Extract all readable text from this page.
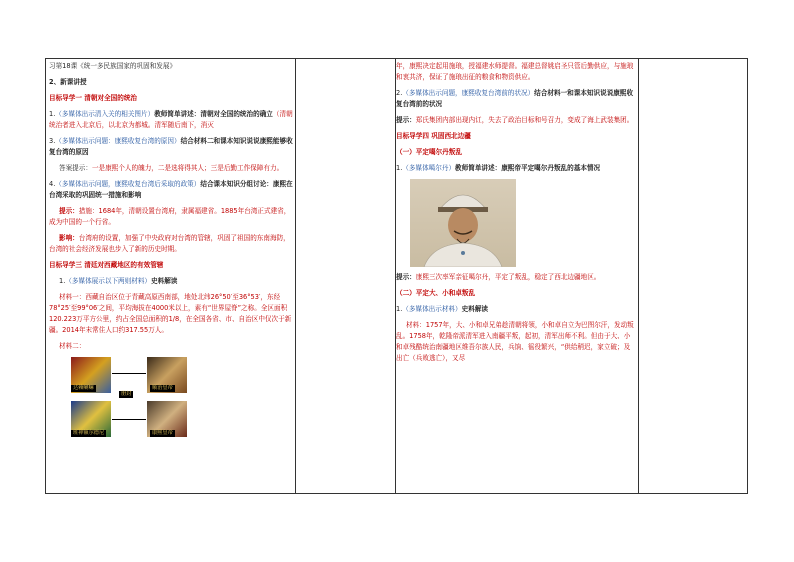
习第18课《统一多民族国家的巩固和发展》

2、新课讲授

目标导学一 清朝对全国的统治

1.（多媒体出示清入关的相关图片）教师简单讲述：清朝对全国的统治的确立（清朝统治者进入北京后，以北京为都城。清军随后南下，消灭

3.（多媒体出示问题：康熙收复台湾的原因）结合材料二和课本知识说说康熙能够收复台湾的原因

答案提示：一是康熙个人的魄力，二是选将得其人；三是后勤工作保障有力。

4.（多媒体出示问题，康熙收复台湾后采取的政策）结合课本知识分组讨论：康熙在台湾采取的巩固统一措施和影响

提示：措施：1684年，清朝设置台湾府，隶属福建省。1885年台湾正式建省，成为中国的一个行省。

影响：台湾府的设置，加强了中央政府对台湾的管辖，巩固了祖国的东南海防，台湾的社会经济发展也步入了新的历史时期。

目标导学三 清廷对西藏地区的有效管辖

1.（多媒体展示以下两则材料）史料解读

材料一：西藏自治区位于青藏高原西南部，地处北纬26°50′至36°53′，东经78°25′至99°06′之间，平均海拔在4000米以上，素有“世界屋脊”之称。全区面积120.223万平方公里，约占全国总面积的1/8，在全国各省、市、自治区中仅次于新疆。2014年末常住人口约317.55万人。

材料二：

达赖喇嘛	顺治皇帝
册封
班禅额尔德尼	康熙皇帝

年，康熙决定起用施琅，授福建水师提督。福建总督姚启圣只管后勤供应，与施琅和衷共济，保证了施琅出征的粮食和物资供应。

2.（多媒体出示问题，康熙收复台湾前的状况）结合材料一和课本知识说说康熙收复台湾前的状况

提示：郑氏集团内部出现内讧，失去了政治目标和号召力，变成了海上武装集团。

目标导学四 巩固西北边疆

（一）平定噶尔丹叛乱

1.（多媒体噶尔丹）教师简单讲述：康熙帝平定噶尔丹叛乱的基本情况

提示：康熙三次率军亲征噶尔丹，平定了叛乱，稳定了西北边疆地区。

（二）平定大、小和卓叛乱

1.（多媒体出示材料）史料解读

材料：1757年，大、小和卓兄弟趁清朝将领，小和卓自立为巴图尔汗，发动叛乱。1758年，乾隆帝派清军进入南疆平叛，起初，清军出师不利。但由于大、小和卓残酷统治南疆地区维吾尔族人民，兵饷、徭役繁兴，“供给稍迟，家立破；及出亡（兵败逃亡），又尽
